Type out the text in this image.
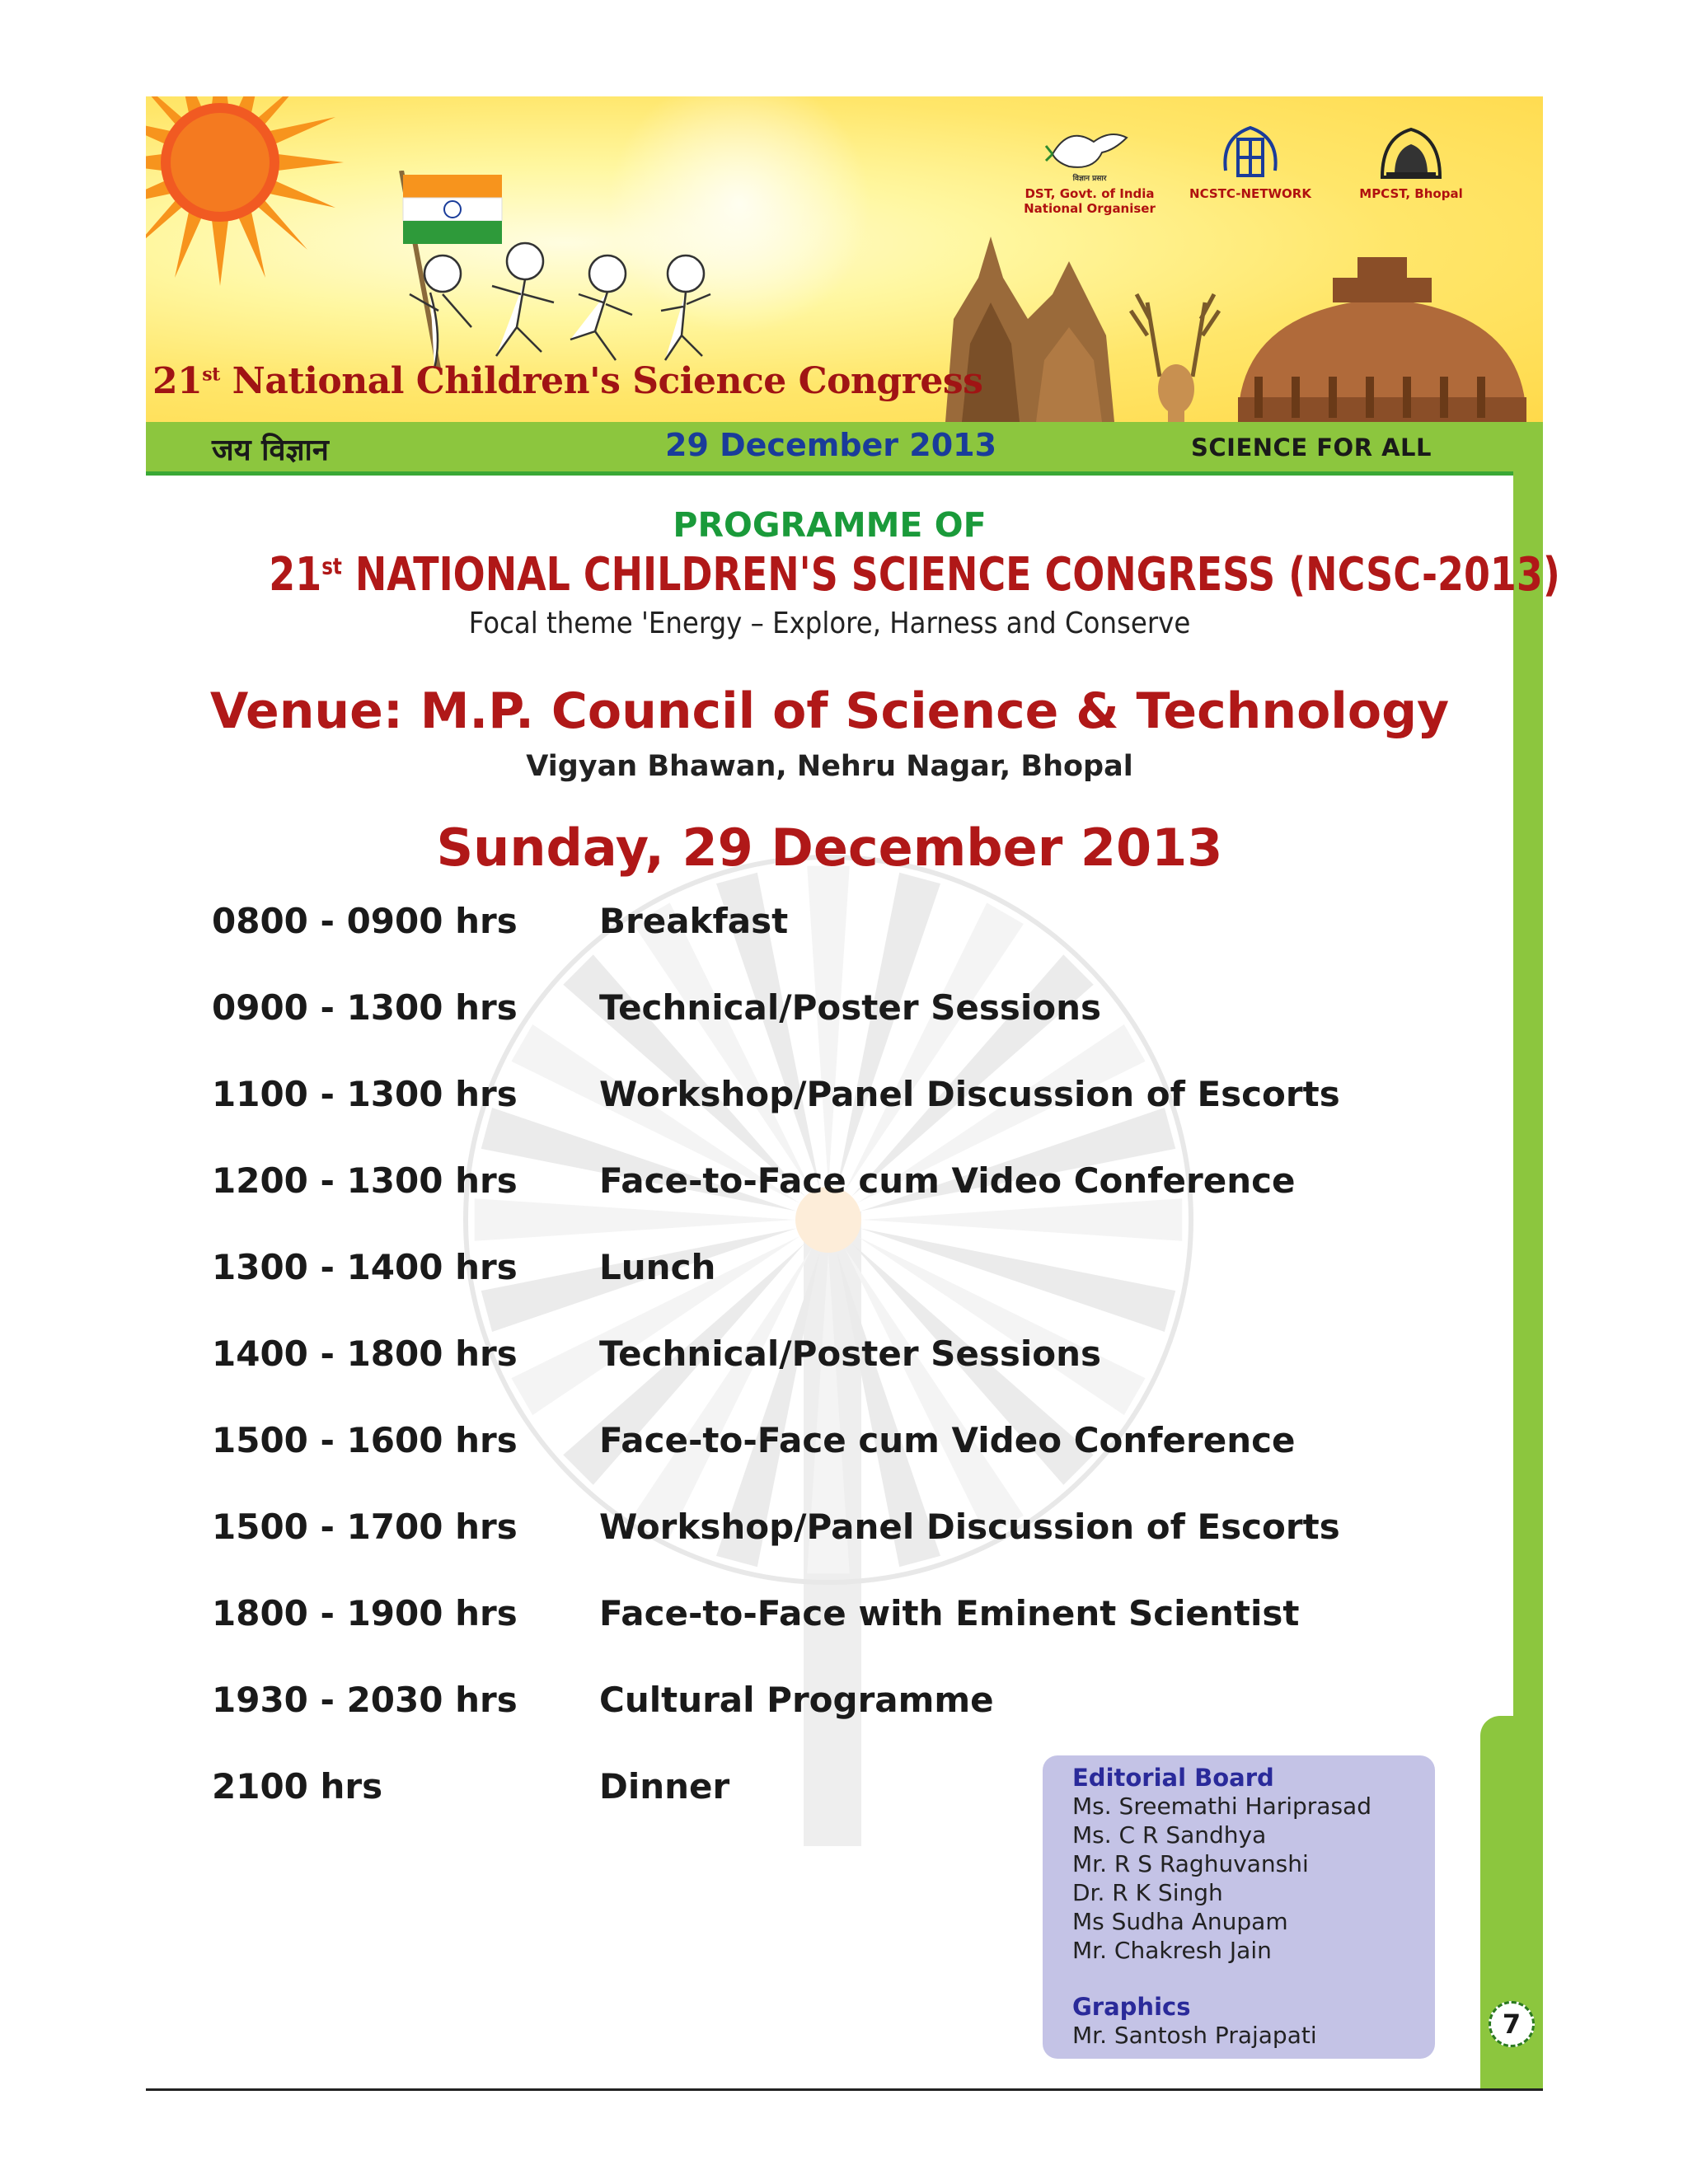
विज्ञान प्रसार
DST, Govt. of India
National Organiser
NCSTC-NETWORK	MPCST, Bhopal
21st National Children's Science Congress
जय विज्ञान	29 December 2013	SCIENCE FOR ALL
PROGRAMME OF
21st NATIONAL CHILDREN'S SCIENCE CONGRESS (NCSC-2013)
Focal theme 'Energy – Explore, Harness and Conserve
Venue: M.P. Council of Science & Technology
Vigyan Bhawan, Nehru Nagar, Bhopal
Sunday, 29 December 2013
0800 - 0900 hrs Breakfast
0900 - 1300 hrs Technical/Poster Sessions
1100 - 1300 hrs Workshop/Panel Discussion of Escorts
1200 - 1300 hrs Face-to-Face cum Video Conference
1300 - 1400 hrs Lunch
1400 - 1800 hrs Technical/Poster Sessions
1500 - 1600 hrs Face-to-Face cum Video Conference
1500 - 1700 hrs Workshop/Panel Discussion of Escorts
1800 - 1900 hrs Face-to-Face with Eminent Scientist
1930 - 2030 hrs Cultural Programme
2100 hrs	Dinner	Editorial Board
Ms. Sreemathi Hariprasad
Ms. C R Sandhya
Mr. R S Raghuvanshi
Dr. R K Singh
Ms Sudha Anupam
Mr. Chakresh Jain
Graphics
Mr. Santosh Prajapati	7
